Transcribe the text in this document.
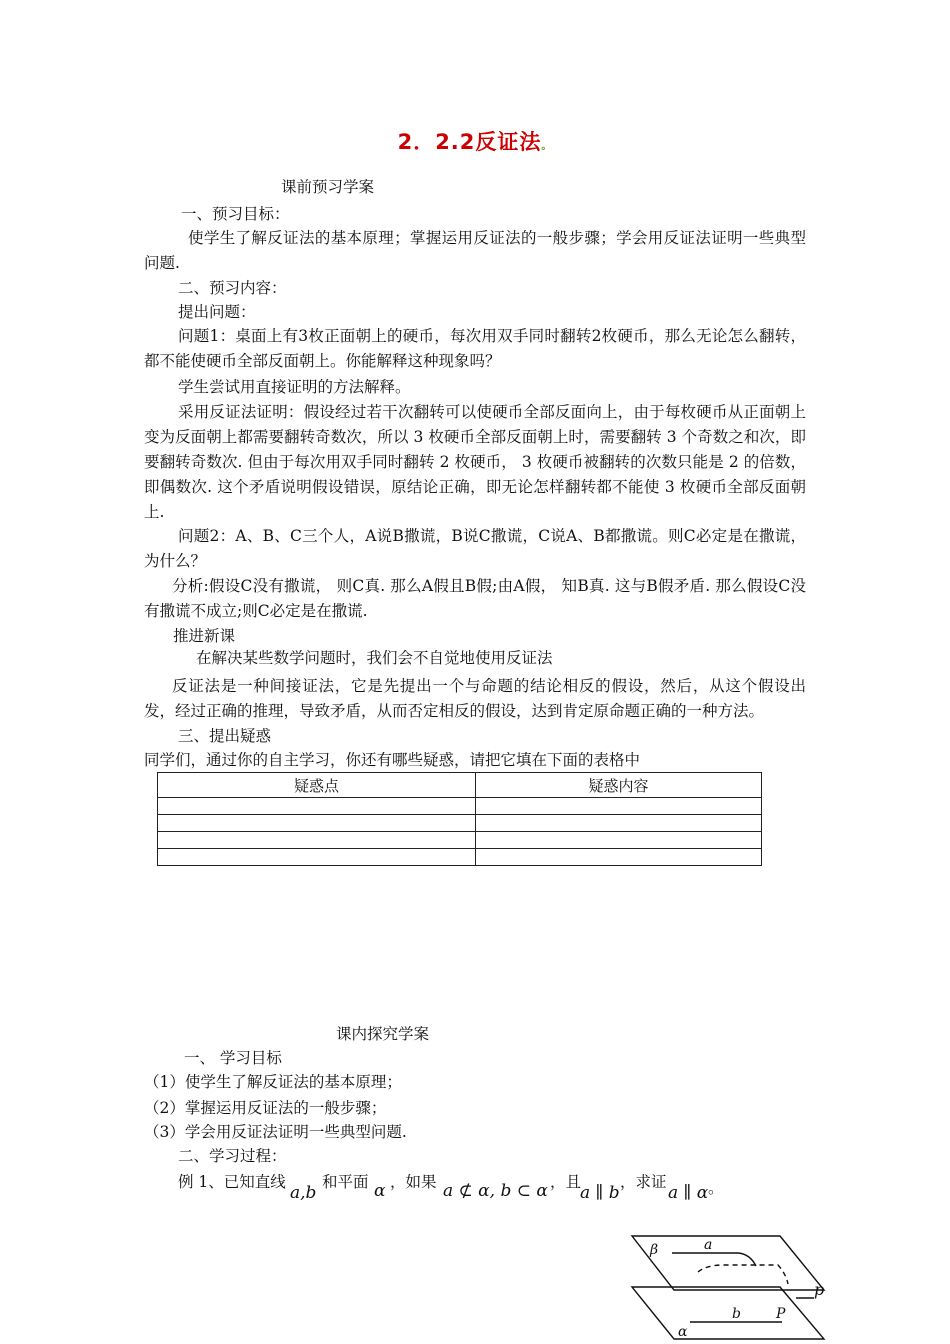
2．2.2反证法。
课前预习学案
一、预习目标：
使学生了解反证法的基本原理；掌握运用反证法的一般步骤；学会用反证法证明一些典型问题.
二、预习内容：
提出问题：
问题1：桌面上有3枚正面朝上的硬币，每次用双手同时翻转2枚硬币，那么无论怎么翻转，都不能使硬币全部反面朝上。你能解释这种现象吗？
学生尝试用直接证明的方法解释。
采用反证法证明：假设经过若干次翻转可以使硬币全部反面向上，由于每枚硬币从正面朝上变为反面朝上都需要翻转奇数次，所以 3 枚硬币全部反面朝上时，需要翻转 3 个奇数之和次，即要翻转奇数次. 但由于每次用双手同时翻转 2 枚硬币， 3 枚硬币被翻转的次数只能是 2 的倍数，即偶数次. 这个矛盾说明假设错误，原结论正确，即无论怎样翻转都不能使 3 枚硬币全部反面朝上.
问题2：A、B、C三个人，A说B撒谎，B说C撒谎，C说A、B都撒谎。则C必定是在撒谎，为什么？
分析:假设C没有撒谎， 则C真. 那么A假且B假;由A假， 知B真. 这与B假矛盾. 那么假设C没有撒谎不成立;则C必定是在撒谎.
推进新课
在解决某些数学问题时，我们会不自觉地使用反证法
反证法是一种间接证法，它是先提出一个与命题的结论相反的假设，然后，从这个假设出发，经过正确的推理，导致矛盾，从而否定相反的假设，达到肯定原命题正确的一种方法。
三、提出疑惑
同学们，通过你的自主学习，你还有哪些疑惑，请把它填在下面的表格中
疑惑点	疑惑内容

课内探究学案
一、 学习目标
（1）使学生了解反证法的基本原理；
（2）掌握运用反证法的一般步骤；
（3）学会用反证法证明一些典型问题.
二、学习过程：
例 1、已知直线
a,b
和平面 α ，如果 a ⊄ α, b ⊂ α ，且
a ∥ b
，求证
a ∥ α 。
β	a
b	P
α
p
